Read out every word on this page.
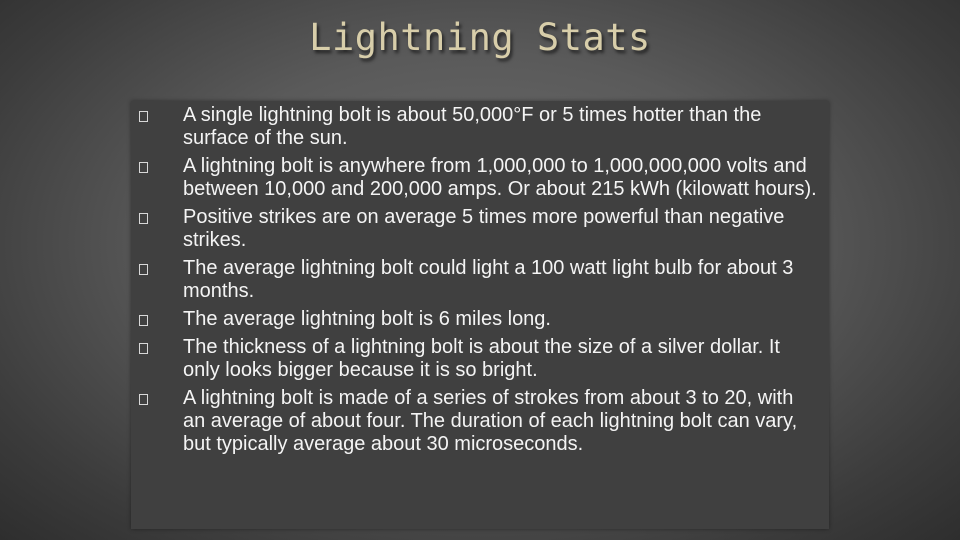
Lightning Stats
A single lightning bolt is about 50,000°F or 5 times hotter than the surface of the sun.
A lightning bolt is anywhere from 1,000,000 to 1,000,000,000 volts and between 10,000 and 200,000 amps. Or about 215 kWh (kilowatt hours).
Positive strikes are on average 5 times more powerful than negative strikes.
The average lightning bolt could light a 100 watt light bulb for about 3 months.
The average lightning bolt is 6 miles long.
The thickness of a lightning bolt is about the size of a silver dollar. It only looks bigger because it is so bright.
A lightning bolt is made of a series of strokes from about 3 to 20, with an average of about four. The duration of each lightning bolt can vary, but typically average about 30 microseconds.
